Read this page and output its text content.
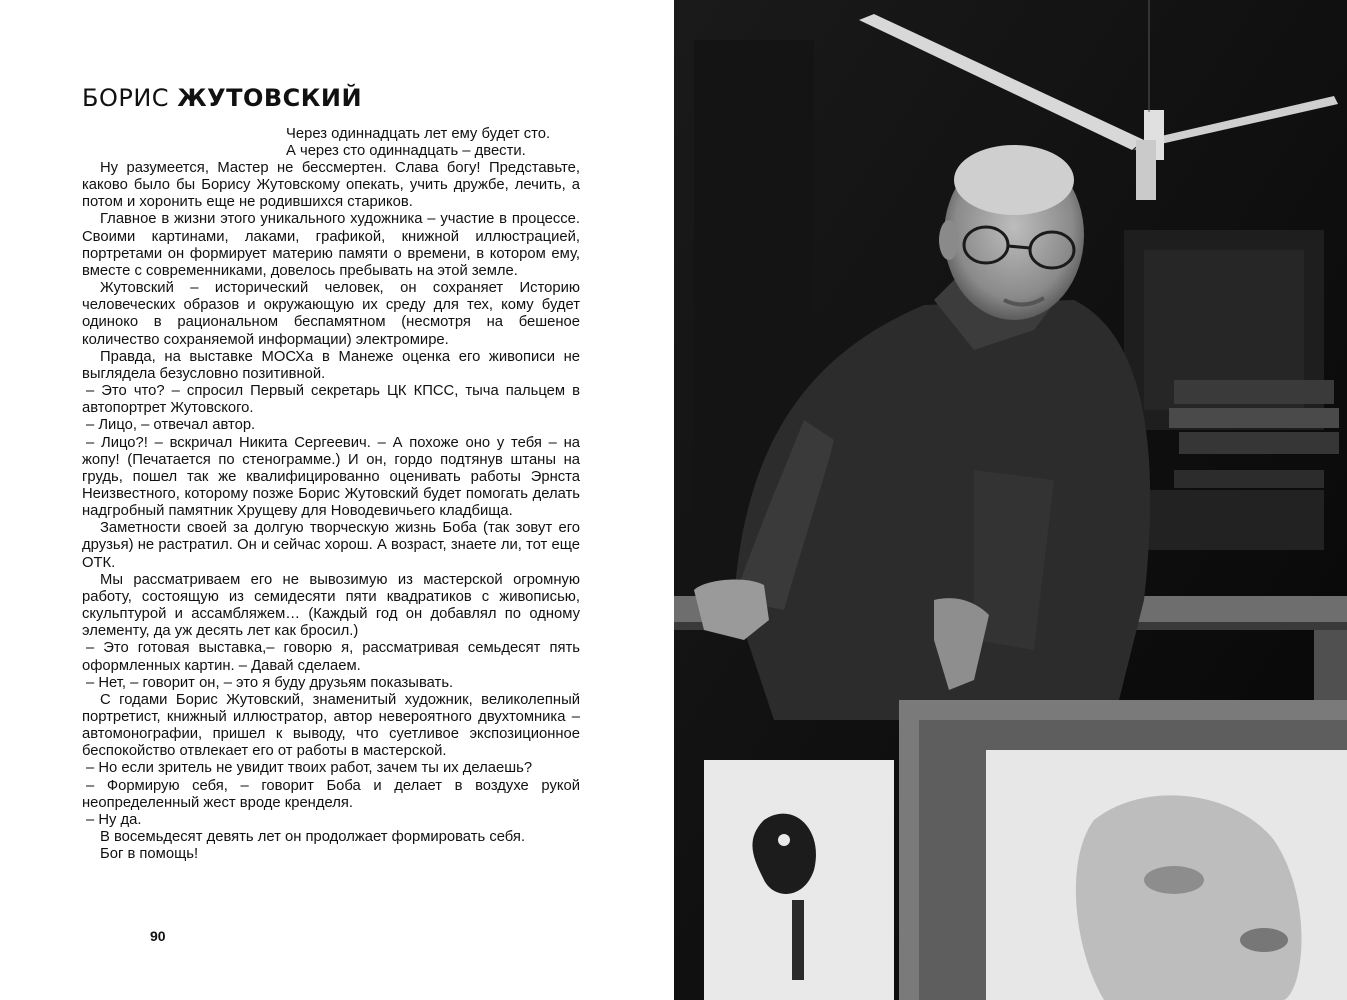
БОРИС ЖУТОВСКИЙ
Через одиннадцать лет ему будет сто.
А через сто одиннадцать – двести.

Ну разумеется, Мастер не бессмертен. Слава богу! Представьте, каково было бы Борису Жутовскому опекать, учить дружбе, лечить, а потом и хоронить еще не родившихся стариков.

Главное в жизни этого уникального художника – участие в процессе. Своими картинами, лаками, графикой, книжной иллюстрацией, портретами он формирует материю памяти о времени, в котором ему, вместе с современниками, довелось пребывать на этой земле.

Жутовский – исторический человек, он сохраняет Историю человеческих образов и окружающую их среду для тех, кому будет одиноко в рациональном беспамятном (несмотря на бешеное количество сохраняемой информации) электромире.

Правда, на выставке МОСХа в Манеже оценка его живописи не выглядела безусловно позитивной.

– Это что? – спросил Первый секретарь ЦК КПСС, тыча пальцем в автопортрет Жутовского.

– Лицо, – отвечал автор.

– Лицо?! – вскричал Никита Сергеевич. – А похоже оно у тебя – на жопу! (Печатается по стенограмме.) И он, гордо подтянув штаны на грудь, пошел так же квалифицированно оценивать работы Эрнста Неизвестного, которому позже Борис Жутовский будет помогать делать надгробный памятник Хрущеву для Новодевичьего кладбища.

Заметности своей за долгую творческую жизнь Боба (так зовут его друзья) не растратил. Он и сейчас хорош. А возраст, знаете ли, тот еще ОТК.

Мы рассматриваем его не вывозимую из мастерской огромную работу, состоящую из семидесяти пяти квадратиков с живописью, скульптурой и ассамбляжем… (Каждый год он добавлял по одному элементу, да уж десять лет как бросил.)

– Это готовая выставка,– говорю я, рассматривая семьдесят пять оформленных картин. – Давай сделаем.

– Нет, – говорит он, – это я буду друзьям показывать.

С годами Борис Жутовский, знаменитый художник, великолепный портретист, книжный иллюстратор, автор невероятного двухтомника – автомонографии, пришел к выводу, что суетливое экспозиционное беспокойство отвлекает его от работы в мастерской.

– Но если зритель не увидит твоих работ, зачем ты их делаешь?

– Формирую себя, – говорит Боба и делает в воздухе рукой неопределенный жест вроде кренделя.

– Ну да.

В восемьдесят девять лет он продолжает формировать себя.

Бог в помощь!

90
